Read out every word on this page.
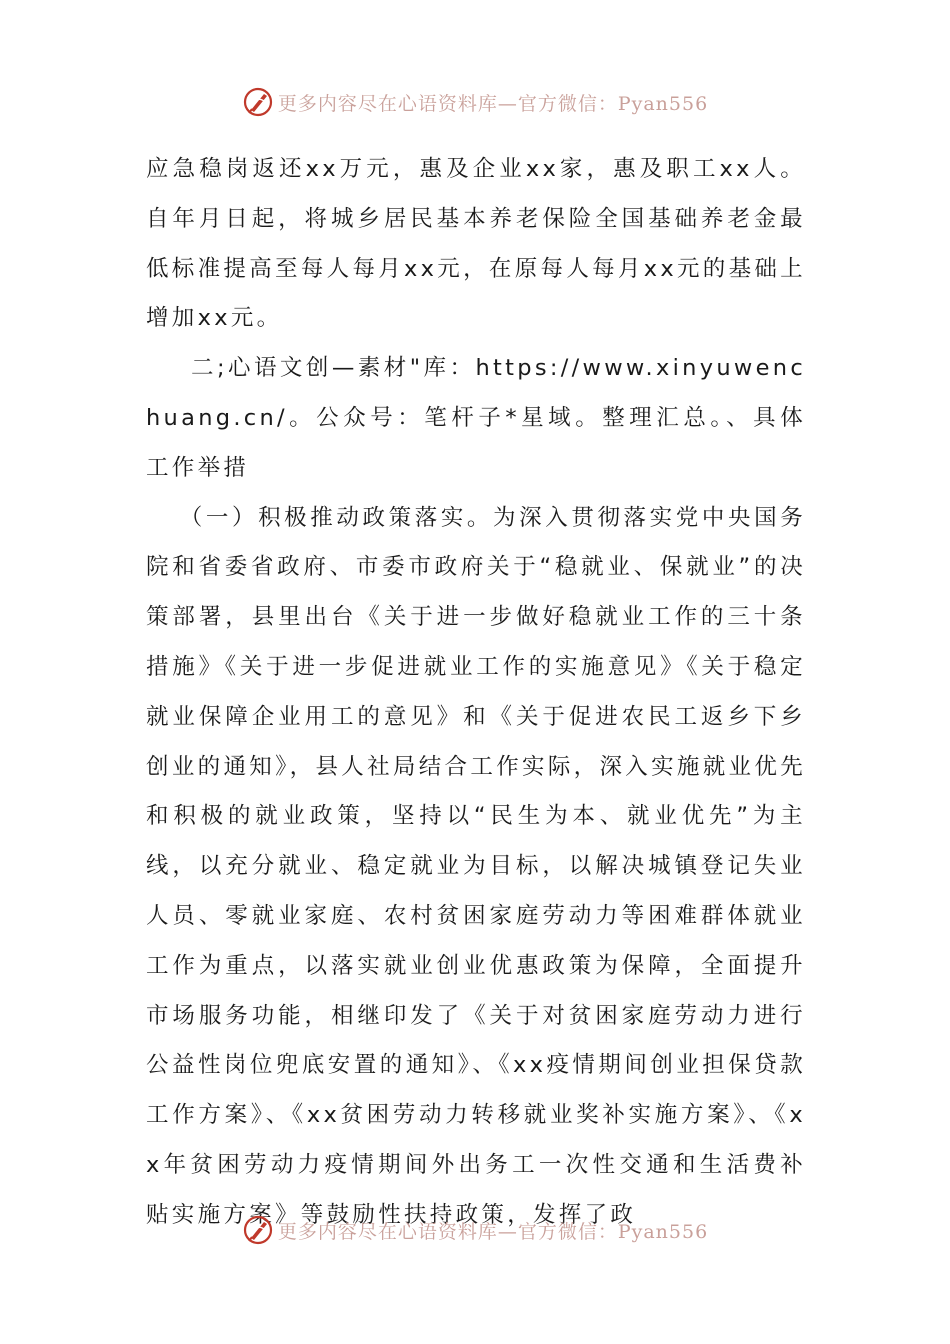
更多内容尽在心语资料库—官方微信：Pyan556

应急稳岗返还xx万元，惠及企业xx家，惠及职工xx人。自年月日起，将城乡居民基本养老保险全国基础养老金最低标准提高至每人每月xx元，在原每人每月xx元的基础上增加xx元。

二;心语文创—素材"库：https://www.xinyuwenchuang.cn/。公众号：笔杆子*星域。整理汇总。、具体工作举措

（一）积极推动政策落实。为深入贯彻落实党中央国务院和省委省政府、市委市政府关于“稳就业、保就业”的决策部署，县里出台《关于进一步做好稳就业工作的三十条措施》《关于进一步促进就业工作的实施意见》《关于稳定就业保障企业用工的意见》和《关于促进农民工返乡下乡创业的通知》，县人社局结合工作实际，深入实施就业优先和积极的就业政策，坚持以“民生为本、就业优先”为主线，以充分就业、稳定就业为目标，以解决城镇登记失业人员、零就业家庭、农村贫困家庭劳动力等困难群体就业工作为重点，以落实就业创业优惠政策为保障，全面提升市场服务功能，相继印发了《关于对贫困家庭劳动力进行公益性岗位兜底安置的通知》、《xx疫情期间创业担保贷款工作方案》、《xx贫困劳动力转移就业奖补实施方案》、《xx年贫困劳动力疫情期间外出务工一次性交通和生活费补贴实施方案》等鼓励性扶持政策，发挥了政

更多内容尽在心语资料库—官方微信：Pyan556
